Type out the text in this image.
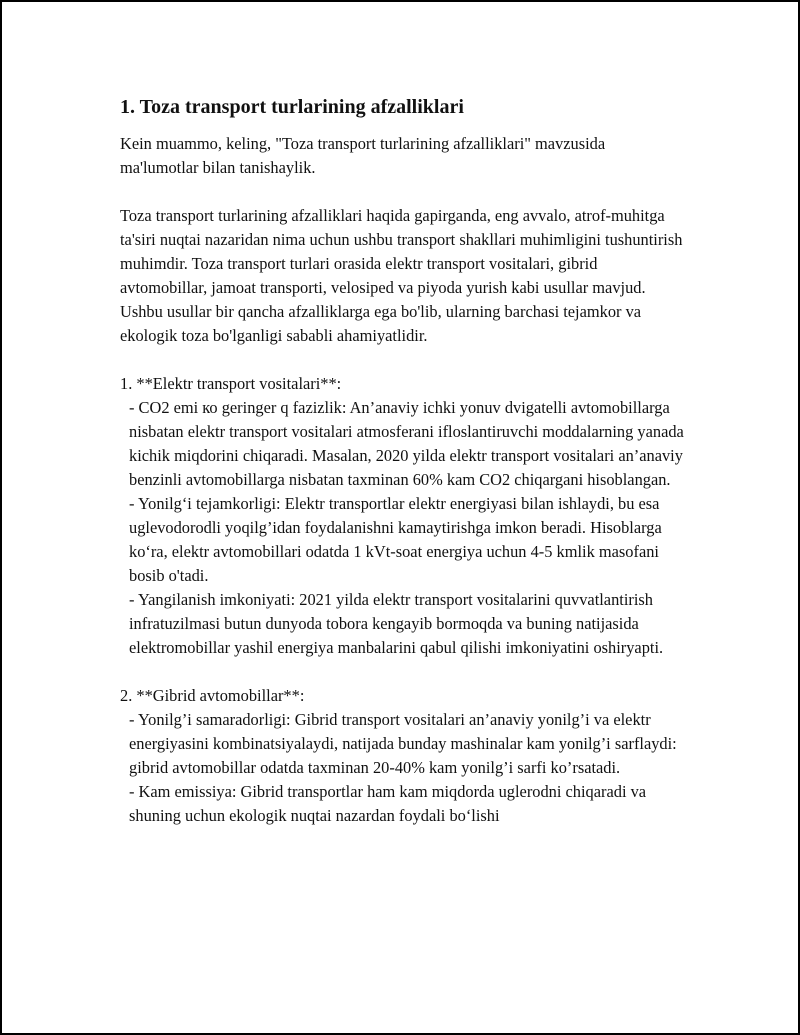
1. Toza transport turlarining afzalliklari

Kein muammo, keling, "Toza transport turlarining afzalliklari" mavzusida ma'lumotlar bilan tanishaylik.

Toza transport turlarining afzalliklari haqida gapirganda, eng avvalo, atrof-muhitga ta'siri nuqtai nazaridan nima uchun ushbu transport shakllari muhimligini tushuntirish muhimdir. Toza transport turlari orasida elektr transport vositalari, gibrid avtomobillar, jamoat transporti, velosiped va piyoda yurish kabi usullar mavjud. Ushbu usullar bir qancha afzalliklarga ega bo'lib, ularning barchasi tejamkor va ekologik toza bo'lganligi sababli ahamiyatlidir.

1. **Elektr transport vositalari**:

- CO2 emi ко geringer q fazizlik: An’anaviy ichki yonuv dvigatelli avtomobillarga nisbatan elektr transport vositalari atmosferani ifloslantiruvchi moddalarning yanada kichik miqdorini chiqaradi. Masalan, 2020 yilda elektr transport vositalari an’anaviy benzinli avtomobillarga nisbatan taxminan 60% kam CO2 chiqargani hisoblangan.

- Yonilg‘i tejamkorligi: Elektr transportlar elektr energiyasi bilan ishlaydi, bu esa uglevodorodli yoqilg’idan foydalanishni kamaytirishga imkon beradi. Hisoblarga ko‘ra, elektr avtomobillari odatda 1 kVt-soat energiya uchun 4-5 kmlik masofani bosib o'tadi.

- Yangilanish imkoniyati: 2021 yilda elektr transport vositalarini quvvatlantirish infratuzilmasi butun dunyoda tobora kengayib bormoqda va buning natijasida elektromobillar yashil energiya manbalarini qabul qilishi imkoniyatini oshiryapti.

2. **Gibrid avtomobillar**:

- Yonilg’i samaradorligi: Gibrid transport vositalari an’anaviy yonilg’i va elektr energiyasini kombinatsiyalaydi, natijada bunday mashinalar kam yonilg’i sarflaydi: gibrid avtomobillar odatda taxminan 20-40% kam yonilg’i sarfi ko’rsatadi.

- Kam emissiya: Gibrid transportlar ham kam miqdorda uglerodni chiqaradi va shuning uchun ekologik nuqtai nazardan foydali bo‘lishi
